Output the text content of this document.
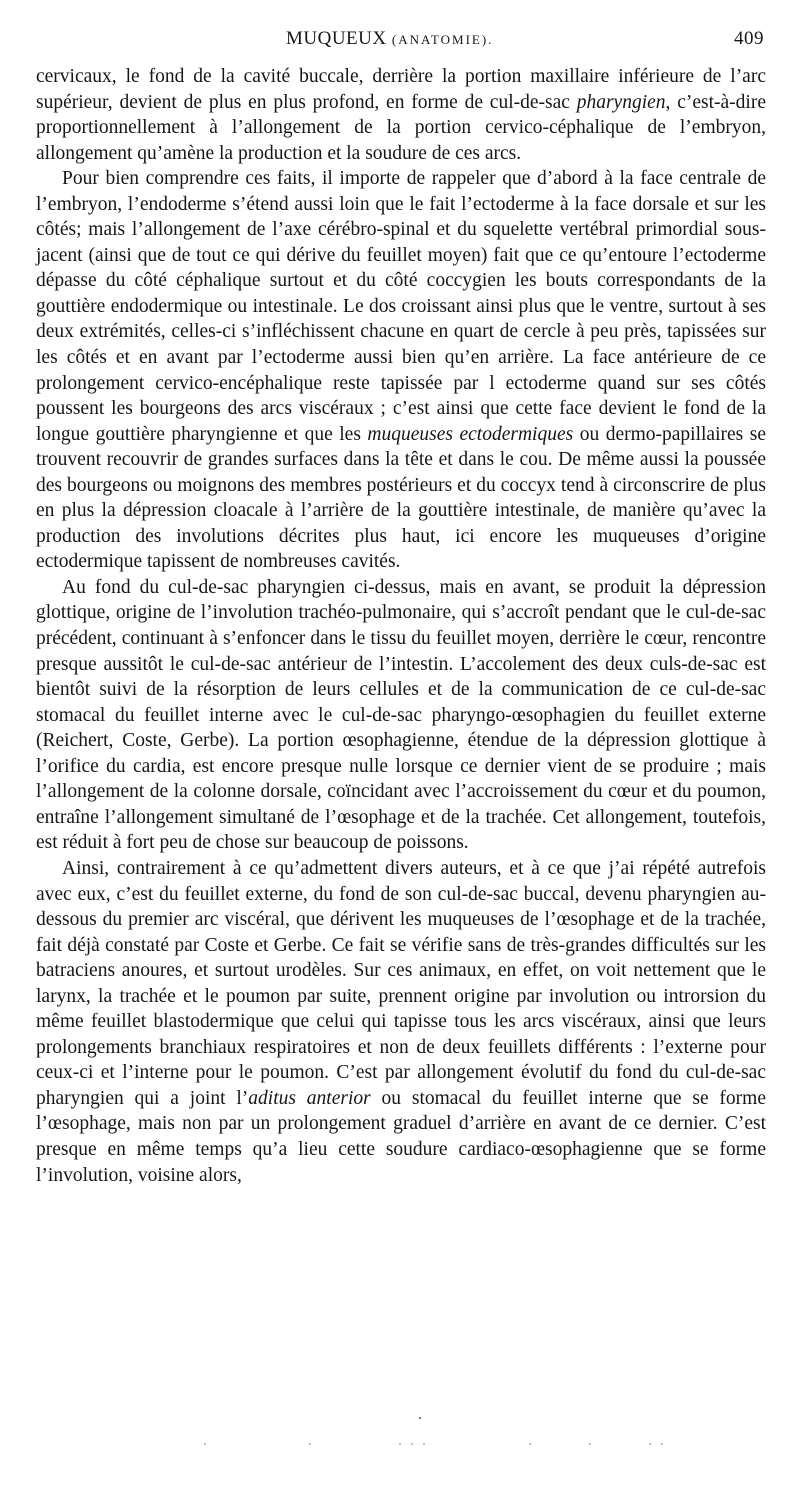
MUQUEUX (ANATOMIE).	409

cervicaux, le fond de la cavité buccale, derrière la portion maxillaire inférieure de l’arc supérieur, devient de plus en plus profond, en forme de cul-de-sac pharyngien, c’est-à-dire proportionnellement à l’allongement de la portion cervico-céphalique de l’embryon, allongement qu’amène la production et la soudure de ces arcs.

Pour bien comprendre ces faits, il importe de rappeler que d’abord à la face centrale de l’embryon, l’endoderme s’étend aussi loin que le fait l’ectoderme à la face dorsale et sur les côtés; mais l’allongement de l’axe cérébro-spinal et du squelette vertébral primordial sous-jacent (ainsi que de tout ce qui dérive du feuillet moyen) fait que ce qu’entoure l’ectoderme dépasse du côté céphalique surtout et du côté coccygien les bouts correspondants de la gouttière endodermique ou intestinale. Le dos croissant ainsi plus que le ventre, surtout à ses deux extrémités, celles-ci s’infléchissent chacune en quart de cercle à peu près, tapissées sur les côtés et en avant par l’ectoderme aussi bien qu’en arrière. La face antérieure de ce prolongement cervico-encéphalique reste tapissée par l ectoderme quand sur ses côtés poussent les bourgeons des arcs viscéraux ; c’est ainsi que cette face devient le fond de la longue gouttière pharyngienne et que les muqueuses ectodermiques ou dermo-papillaires se trouvent recouvrir de grandes surfaces dans la tête et dans le cou. De même aussi la poussée des bourgeons ou moignons des membres postérieurs et du coccyx tend à circonscrire de plus en plus la dépression cloacale à l’arrière de la gouttière intestinale, de manière qu’avec la production des involutions décrites plus haut, ici encore les muqueuses d’origine ectodermique tapissent de nombreuses cavités.

Au fond du cul-de-sac pharyngien ci-dessus, mais en avant, se produit la dépression glottique, origine de l’involution trachéo-pulmonaire, qui s’accroît pendant que le cul-de-sac précédent, continuant à s’enfoncer dans le tissu du feuillet moyen, derrière le cœur, rencontre presque aussitôt le cul-de-sac antérieur de l’intestin. L’accolement des deux culs-de-sac est bientôt suivi de la résorption de leurs cellules et de la communication de ce cul-de-sac stomacal du feuillet interne avec le cul-de-sac pharyngo-œsophagien du feuillet externe (Reichert, Coste, Gerbe). La portion œsophagienne, étendue de la dépression glottique à l’orifice du cardia, est encore presque nulle lorsque ce dernier vient de se produire ; mais l’allongement de la colonne dorsale, coïncidant avec l’accroissement du cœur et du poumon, entraîne l’allongement simultané de l’œsophage et de la trachée. Cet allongement, toutefois, est réduit à fort peu de chose sur beaucoup de poissons.

Ainsi, contrairement à ce qu’admettent divers auteurs, et à ce que j’ai répété autrefois avec eux, c’est du feuillet externe, du fond de son cul-de-sac buccal, devenu pharyngien au-dessous du premier arc viscéral, que dérivent les muqueuses de l’œsophage et de la trachée, fait déjà constaté par Coste et Gerbe. Ce fait se vérifie sans de très-grandes difficultés sur les batraciens anoures, et surtout urodèles. Sur ces animaux, en effet, on voit nettement que le larynx, la trachée et le poumon par suite, prennent origine par involution ou introrsion du même feuillet blastodermique que celui qui tapisse tous les arcs viscéraux, ainsi que leurs prolongements branchiaux respiratoires et non de deux feuillets différents : l’externe pour ceux-ci et l’interne pour le poumon. C’est par allongement évolutif du fond du cul-de-sac pharyngien qui a joint l’aditus anterior ou stomacal du feuillet interne que se forme l’œsophage, mais non par un prolongement graduel d’arrière en avant de ce dernier. C’est presque en même temps qu’a lieu cette soudure cardiaco-œsophagienne que se forme l’involution, voisine alors,
